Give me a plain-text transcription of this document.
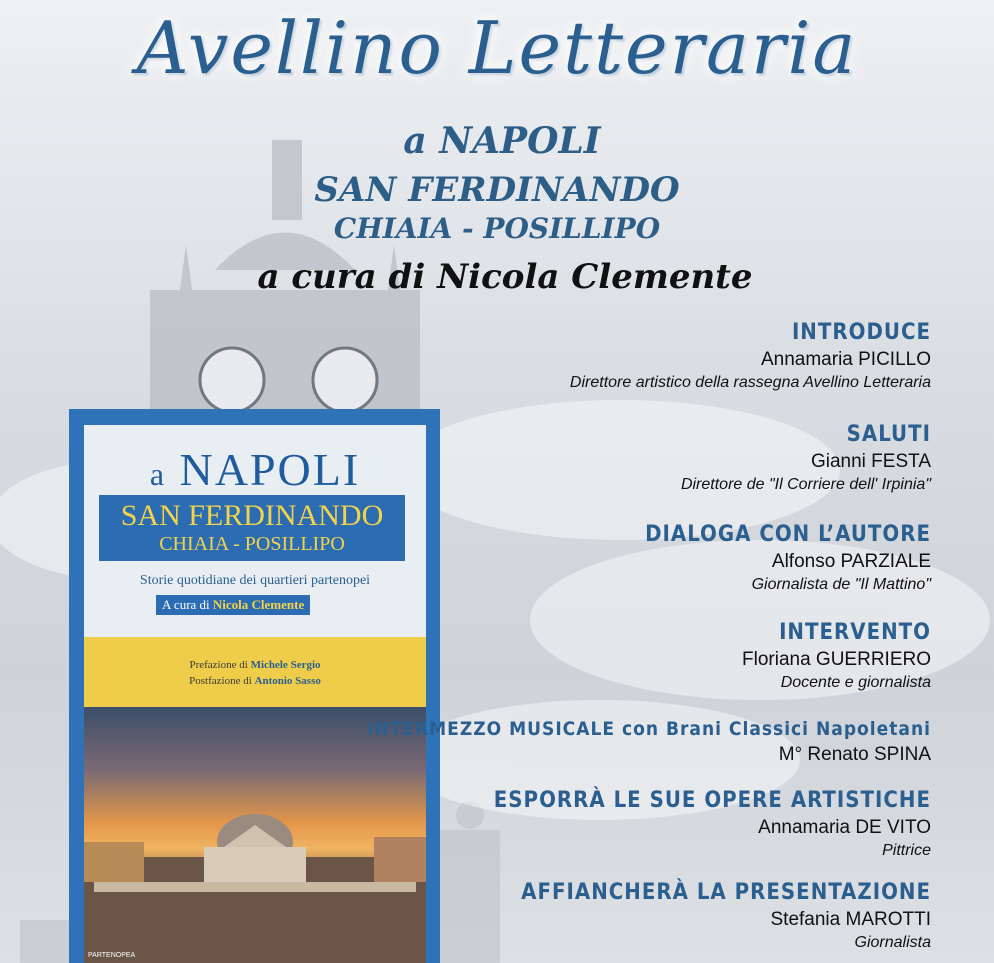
Avellino Letteraria
a NAPOLI
SAN FERDINANDO
CHIAIA - POSILLIPO
a cura di Nicola Clemente
a NAPOLI
SAN FERDINANDO
CHIAIA - POSILLIPO
Storie quotidiane dei quartieri partenopei
A cura di Nicola Clemente
Prefazione di Michele Sergio
Postfazione di Antonio Sasso
PARTENOPEA
INTRODUCE
Annamaria PICILLO
Direttore artistico della rassegna Avellino Letteraria
SALUTI
Gianni FESTA
Direttore de "Il Corriere dell' Irpinia"
DIALOGA CON L’AUTORE
Alfonso PARZIALE
Giornalista de "Il Mattino"
INTERVENTO
Floriana GUERRIERO
Docente e giornalista
INTERMEZZO MUSICALE con Brani Classici Napoletani
M° Renato SPINA
ESPORRÀ LE SUE OPERE ARTISTICHE
Annamaria DE VITO
Pittrice
AFFIANCHERÀ LA PRESENTAZIONE
Stefania MAROTTI
Giornalista
